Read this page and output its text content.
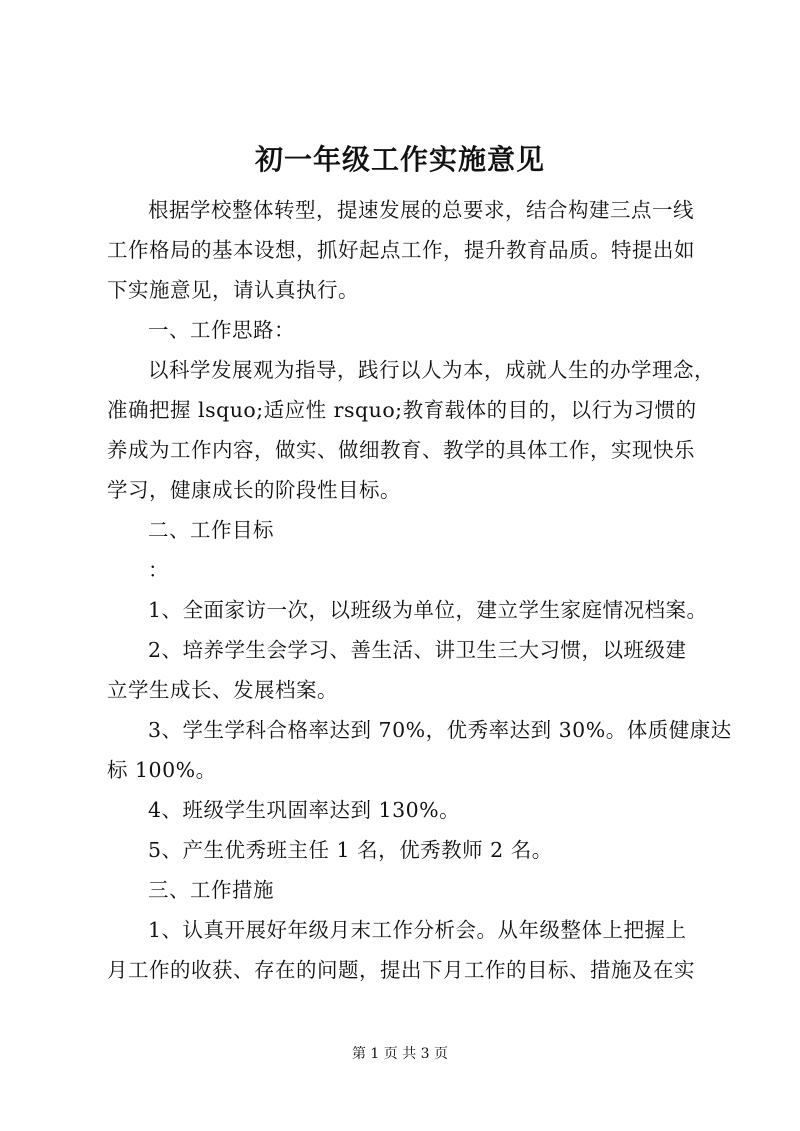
初一年级工作实施意见
根据学校整体转型，提速发展的总要求，结合构建三点一线
工作格局的基本设想，抓好起点工作，提升教育品质。特提出如
下实施意见，请认真执行。
一、工作思路：
以科学发展观为指导，践行以人为本，成就人生的办学理念，
准确把握 lsquo;适应性 rsquo;教育载体的目的，以行为习惯的
养成为工作内容，做实、做细教育、教学的具体工作，实现快乐
学习，健康成长的阶段性目标。
二、工作目标
：
1、全面家访一次，以班级为单位，建立学生家庭情况档案。
2、培养学生会学习、善生活、讲卫生三大习惯，以班级建
立学生成长、发展档案。
3、学生学科合格率达到 70%，优秀率达到 30%。体质健康达
标 100%。
4、班级学生巩固率达到 130%。
5、产生优秀班主任 1 名，优秀教师 2 名。
三、工作措施
1、认真开展好年级月末工作分析会。从年级整体上把握上
月工作的收获、存在的问题，提出下月工作的目标、措施及在实
第 1 页 共 3 页
